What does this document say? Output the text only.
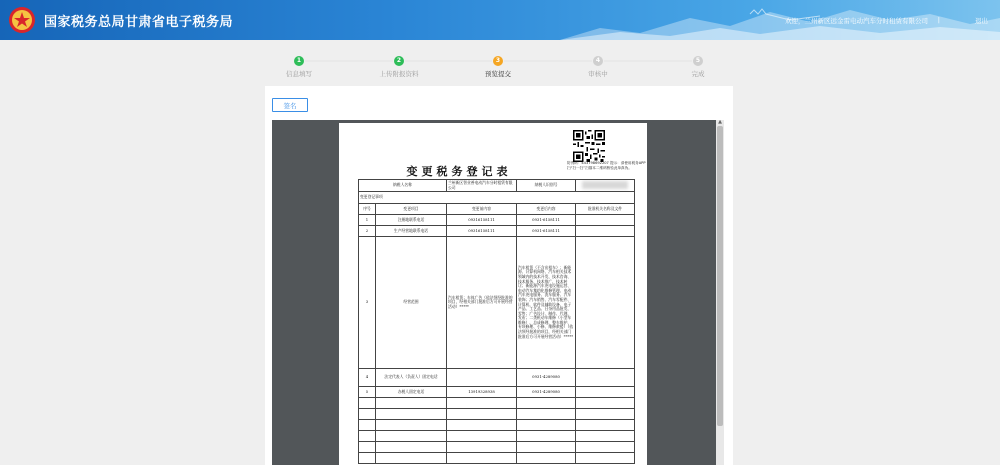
国家税务总局甘肃省电子税务局	欢迎，兰州新区远金雷电动汽车分时租赁有限公司 |	退出
1
信息填写
2
上传附报资料
3
预览提交
4
审核中
5
完成
签名
防伪码：443798692207 提示：请使用税务APP扫“扫一扫”扫描本二维码核验此单真伪。
变更税务登记表
纳税人名称		兰州新区智业善电动汽车分时租赁有限公司	纳税人识别号	
变更登记事项				
序号	变更项目	变更前内容	变更后内容	批准机关名称及文件
1	注册地联系电话	09316158111	0931-6158111	
2	生产经营地联系电话	09316158111	0931-6158111	
3	经营范围	汽车租赁；车体广告（依法须经批准的项目，经相关部门批准后方可开展经营活动）*****	汽车租赁（不含出租车）；新能源、计算机网络、汽车相关技术领域内的技术开发、技术咨询、技术服务、技术推广、技术转让；新能源汽车充电设施运营、电动汽车集约化维修管理、电动汽车充电服务、洗车服务、汽车装饰；汽车销售、汽车零配件、计算机、软件及辅助设备、电子产品、工艺品、日杂用品批发、零售；广告设计、制作、代理、发布；二类机动车维修（小型车维修）、总成修理、整车维护、专项修理、小修、维修救援）（依法须经批准的项目，经相关部门批准后方可开展经营活动）*****	
4	法定代表人（负责人）固定电话		0931-4289080	
5	办税人固定电话	13919328938	0931-4289080	

▲
